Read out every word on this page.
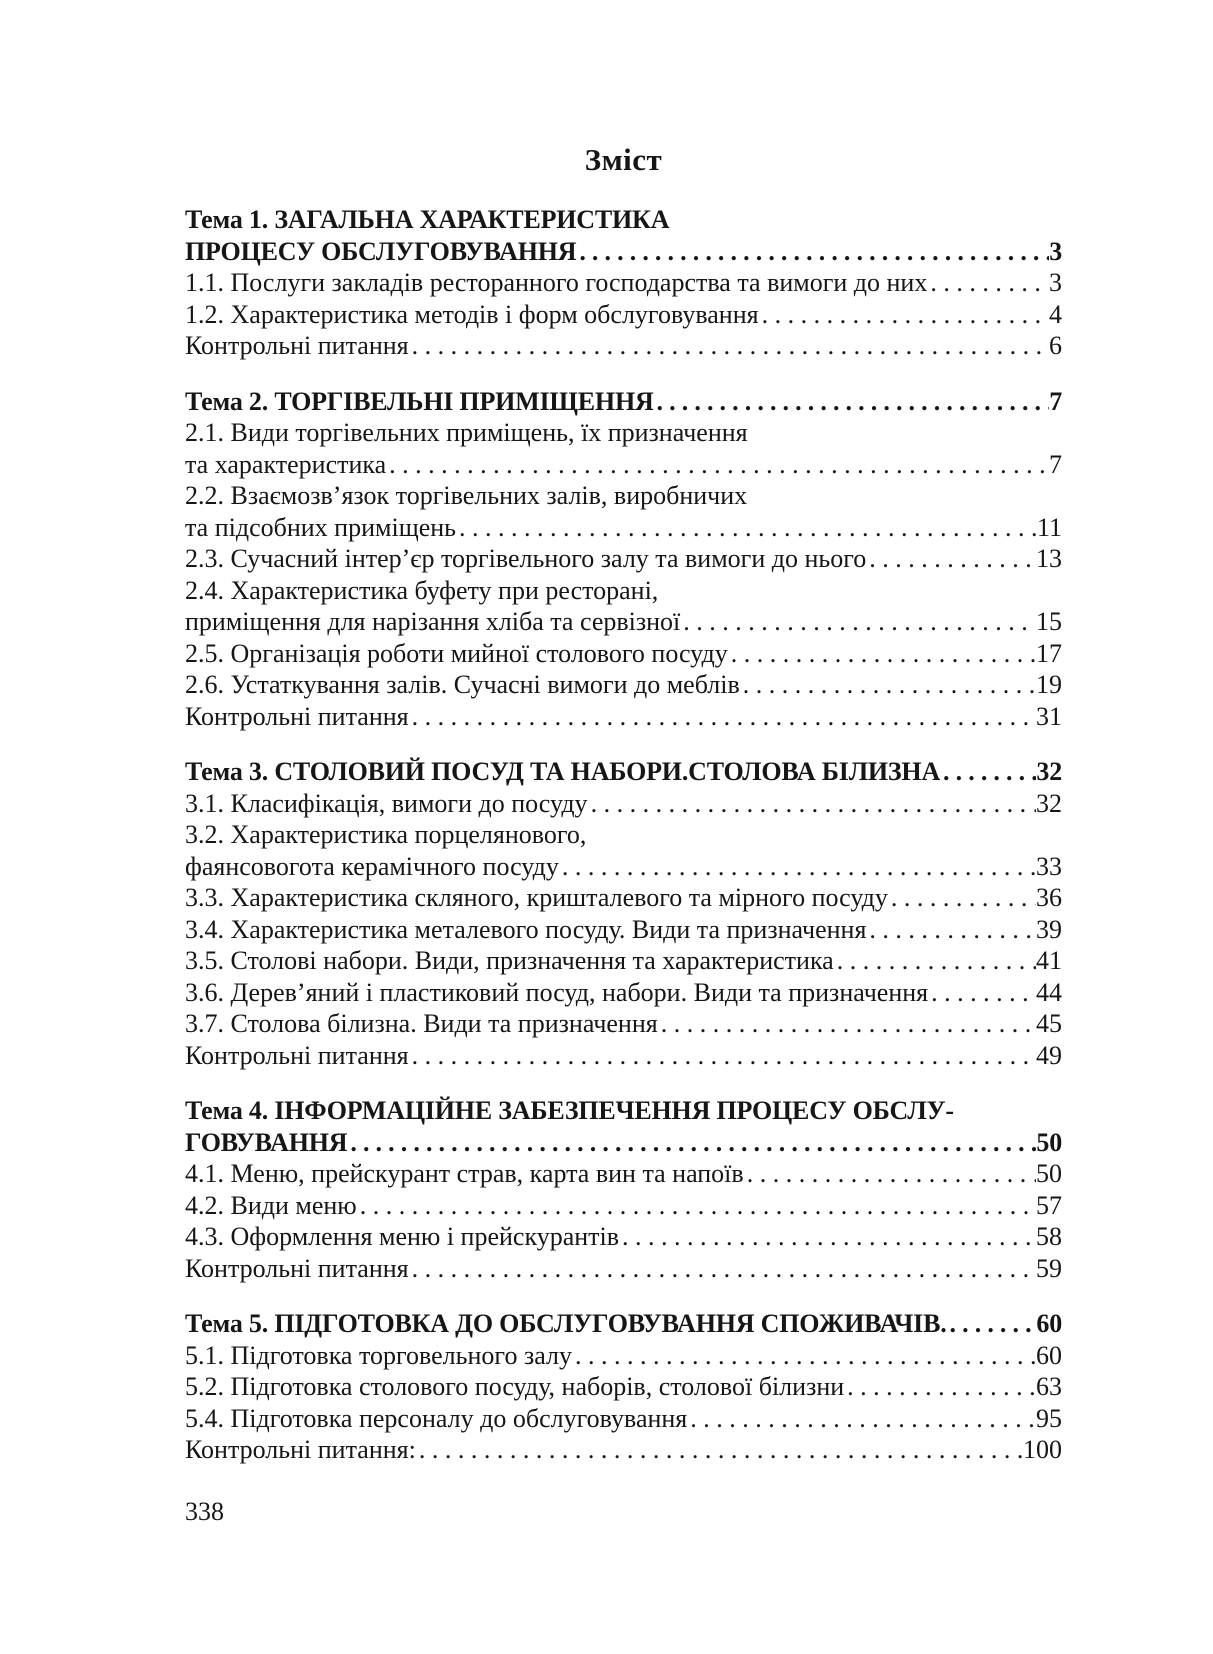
Зміст
Тема 1. ЗАГАЛЬНА ХАРАКТЕРИСТИКА
ПРОЦЕСУ ОБСЛУГОВУВАННЯ . . .	3
1.1. Послуги закладів ресторанного господарства та вимоги до них . . .	3
1.2. Характеристика методів і форм обслуговування . . .	4
Контрольні питання . . .	6
Тема 2. ТОРГІВЕЛЬНІ ПРИМІЩЕННЯ . . .	7
2.1. Види торгівельних приміщень, їх призначення
та характеристика . . .	7
2.2. Взаємозв’язок торгівельних залів, виробничих
та підсобних приміщень . . .	11
2.3. Сучасний інтер’єр торгівельного залу та вимоги до нього . . .	13
2.4. Характеристика буфету при ресторані,
приміщення для нарізання хліба та сервізної . . .	15
2.5. Організація роботи мийної столового посуду . . .	17
2.6. Устаткування залів. Сучасні вимоги до меблів . . .	19
Контрольні питання . . .	31
Тема 3. СТОЛОВИЙ ПОСУД ТА НАБОРИ.СТОЛОВА БІЛИЗНА . . .	32
3.1. Класифікація, вимоги до посуду . . .	32
3.2. Характеристика порцелянового,
фаянсовогота керамічного посуду . . .	33
3.3. Характеристика скляного, кришталевого та мірного посуду . . .	36
3.4. Характеристика металевого посуду. Види та призначення . . .	39
3.5. Столові набори. Види, призначення та характеристика . . .	41
3.6. Дерев’яний і пластиковий посуд, набори. Види та призначення . . .	44
3.7. Столова білизна. Види та призначення . . .	45
Контрольні питання . . .	49
Тема 4. ІНФОРМАЦІЙНЕ ЗАБЕЗПЕЧЕННЯ ПРОЦЕСУ ОБСЛУ-
ГОВУВАННЯ . . .	50
4.1. Меню, прейскурант страв, карта вин та напоїв . . .	50
4.2. Види меню . . .	57
4.3. Оформлення меню і прейскурантів . . .	58
Контрольні питання . . .	59
Тема 5. ПІДГОТОВКА ДО ОБСЛУГОВУВАННЯ СПОЖИВАЧІВ. . . .	60
5.1. Підготовка торговельного залу . . .	60
5.2. Підготовка столового посуду, наборів, столової білизни . . .	63
5.4. Підготовка персоналу до обслуговування . . .	95
Контрольні питання: . . .	100
338
